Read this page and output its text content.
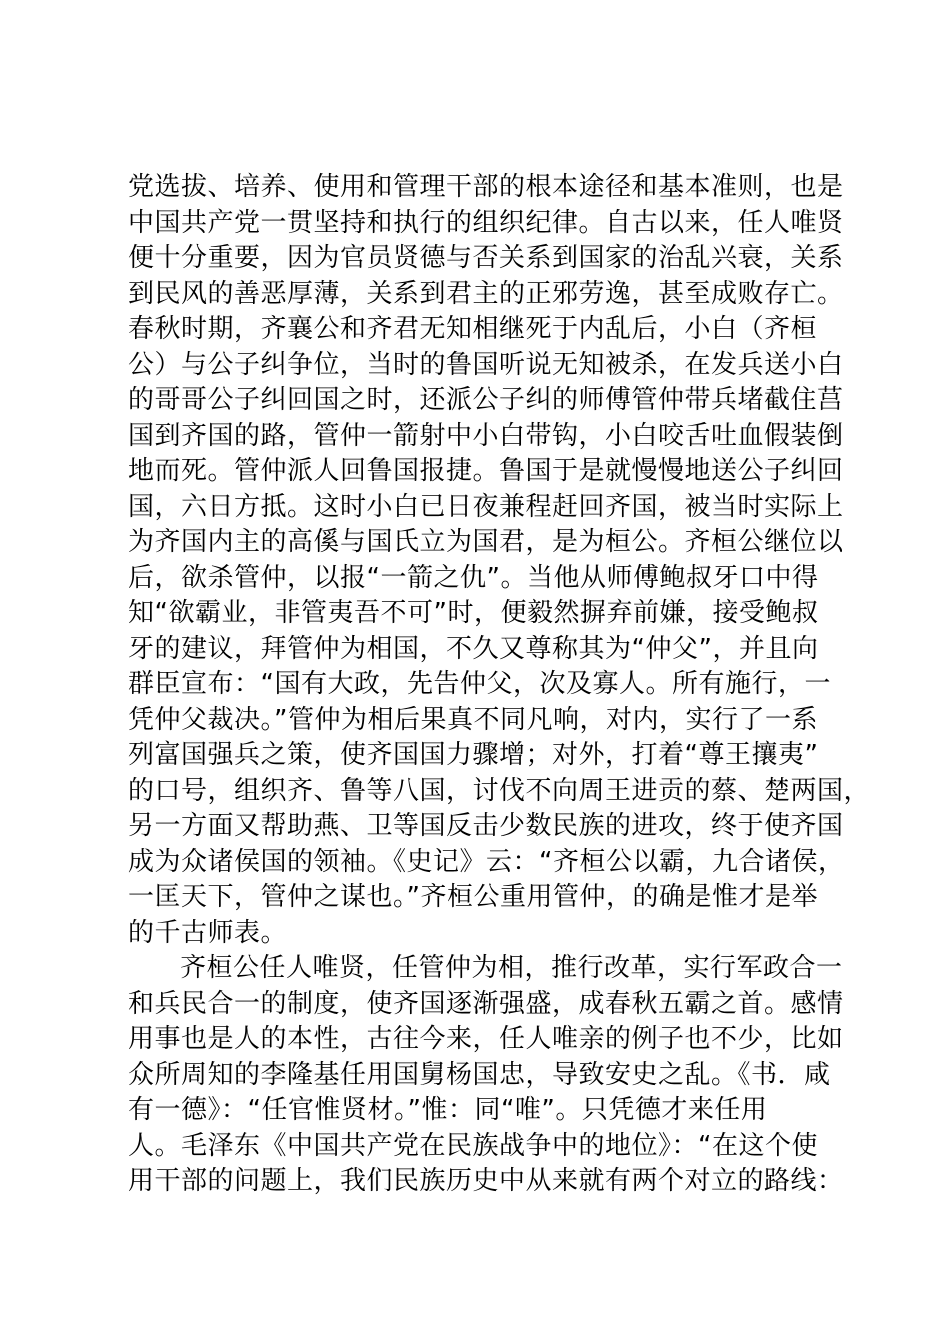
党选拔、培养、使用和管理干部的根本途径和基本准则，也是
中国共产党一贯坚持和执行的组织纪律。自古以来，任人唯贤
便十分重要，因为官员贤德与否关系到国家的治乱兴衰，关系
到民风的善恶厚薄，关系到君主的正邪劳逸，甚至成败存亡。
春秋时期，齐襄公和齐君无知相继死于内乱后，小白（齐桓
公）与公子纠争位，当时的鲁国听说无知被杀，在发兵送小白
的哥哥公子纠回国之时，还派公子纠的师傅管仲带兵堵截住莒
国到齐国的路，管仲一箭射中小白带钩，小白咬舌吐血假装倒
地而死。管仲派人回鲁国报捷。鲁国于是就慢慢地送公子纠回
国，六日方抵。这时小白已日夜兼程赶回齐国，被当时实际上
为齐国内主的高傒与国氏立为国君，是为桓公。齐桓公继位以
后，欲杀管仲，以报“一箭之仇”。当他从师傅鲍叔牙口中得
知“欲霸业，非管夷吾不可”时，便毅然摒弃前嫌，接受鲍叔
牙的建议，拜管仲为相国，不久又尊称其为“仲父”，并且向
群臣宣布：“国有大政，先告仲父，次及寡人。所有施行，一
凭仲父裁决。”管仲为相后果真不同凡响，对内，实行了一系
列富国强兵之策，使齐国国力骤增；对外，打着“尊王攘夷”
的口号，组织齐、鲁等八国，讨伐不向周王进贡的蔡、楚两国，
另一方面又帮助燕、卫等国反击少数民族的进攻，终于使齐国
成为众诸侯国的领袖。《史记》云：“齐桓公以霸，九合诸侯，
一匡天下，管仲之谋也。”齐桓公重用管仲，的确是惟才是举
的千古师表。
齐桓公任人唯贤，任管仲为相，推行改革，实行军政合一
和兵民合一的制度，使齐国逐渐强盛，成春秋五霸之首。感情
用事也是人的本性，古往今来，任人唯亲的例子也不少，比如
众所周知的李隆基任用国舅杨国忠，导致安史之乱。《书．咸
有一德》：“任官惟贤材。”惟：同“唯”。只凭德才来任用
人。毛泽东《中国共产党在民族战争中的地位》：“在这个使
用干部的问题上，我们民族历史中从来就有两个对立的路线：
